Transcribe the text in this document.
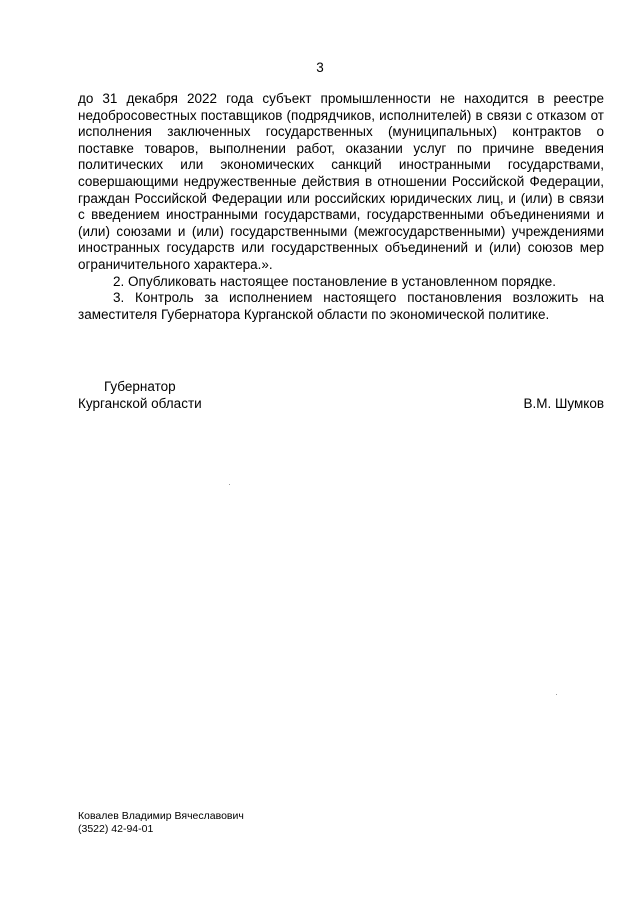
3

до 31 декабря 2022 года субъект промышленности не находится в реестре недобросовестных поставщиков (подрядчиков, исполнителей) в связи с отказом от исполнения заключенных государственных (муниципальных) контрактов о поставке товаров, выполнении работ, оказании услуг по причине введения политических или экономических санкций иностранными государствами, совершающими недружественные действия в отношении Российской Федерации, граждан Российской Федерации или российских юридических лиц, и (или) в связи с введением иностранными государствами, государственными объединениями и (или) союзами и (или) государственными (межгосударственными) учреждениями иностранных государств или государственных объединений и (или) союзов мер ограничительного характера.».

2. Опубликовать настоящее постановление в установленном порядке.

3. Контроль за исполнением настоящего постановления возложить на заместителя Губернатора Курганской области по экономической политике.

Губернатор
Курганской области	В.М. Шумков
Ковалев Владимир Вячеславович
(3522) 42-94-01
